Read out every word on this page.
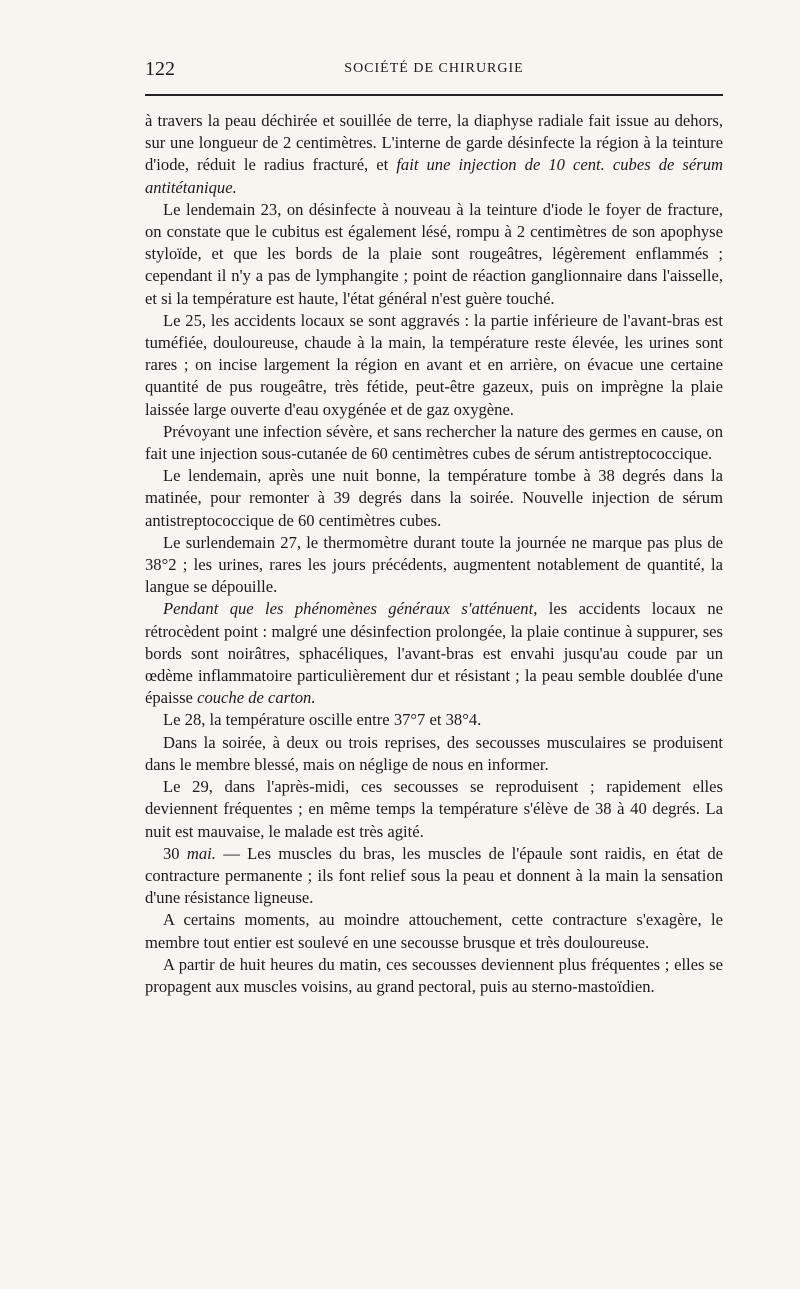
122	SOCIÉTÉ DE CHIRURGIE

à travers la peau déchirée et souillée de terre, la diaphyse radiale fait issue au dehors, sur une longueur de 2 centimètres. L'interne de garde désinfecte la région à la teinture d'iode, réduit le radius fracturé, et fait une injection de 10 cent. cubes de sérum antitétanique.

Le lendemain 23, on désinfecte à nouveau à la teinture d'iode le foyer de fracture, on constate que le cubitus est également lésé, rompu à 2 centimètres de son apophyse styloïde, et que les bords de la plaie sont rougeâtres, légèrement enflammés ; cependant il n'y a pas de lymphangite ; point de réaction ganglionnaire dans l'aisselle, et si la température est haute, l'état général n'est guère touché.

Le 25, les accidents locaux se sont aggravés : la partie inférieure de l'avant-bras est tuméfiée, douloureuse, chaude à la main, la température reste élevée, les urines sont rares ; on incise largement la région en avant et en arrière, on évacue une certaine quantité de pus rougeâtre, très fétide, peut-être gazeux, puis on imprègne la plaie laissée large ouverte d'eau oxygénée et de gaz oxygène.

Prévoyant une infection sévère, et sans rechercher la nature des germes en cause, on fait une injection sous-cutanée de 60 centimètres cubes de sérum antistreptococcique.

Le lendemain, après une nuit bonne, la température tombe à 38 degrés dans la matinée, pour remonter à 39 degrés dans la soirée. Nouvelle injection de sérum antistreptococcique de 60 centimètres cubes.

Le surlendemain 27, le thermomètre durant toute la journée ne marque pas plus de 38°2 ; les urines, rares les jours précédents, augmentent notablement de quantité, la langue se dépouille.

Pendant que les phénomènes généraux s'atténuent, les accidents locaux ne rétrocèdent point : malgré une désinfection prolongée, la plaie continue à suppurer, ses bords sont noirâtres, sphacéliques, l'avant-bras est envahi jusqu'au coude par un œdème inflammatoire particulièrement dur et résistant ; la peau semble doublée d'une épaisse couche de carton.

Le 28, la température oscille entre 37°7 et 38°4.

Dans la soirée, à deux ou trois reprises, des secousses musculaires se produisent dans le membre blessé, mais on néglige de nous en informer.

Le 29, dans l'après-midi, ces secousses se reproduisent ; rapidement elles deviennent fréquentes ; en même temps la température s'élève de 38 à 40 degrés. La nuit est mauvaise, le malade est très agité.

30 mai. — Les muscles du bras, les muscles de l'épaule sont raidis, en état de contracture permanente ; ils font relief sous la peau et donnent à la main la sensation d'une résistance ligneuse.

A certains moments, au moindre attouchement, cette contracture s'exagère, le membre tout entier est soulevé en une secousse brusque et très douloureuse.

A partir de huit heures du matin, ces secousses deviennent plus fréquentes ; elles se propagent aux muscles voisins, au grand pectoral, puis au sterno-mastoïdien.
